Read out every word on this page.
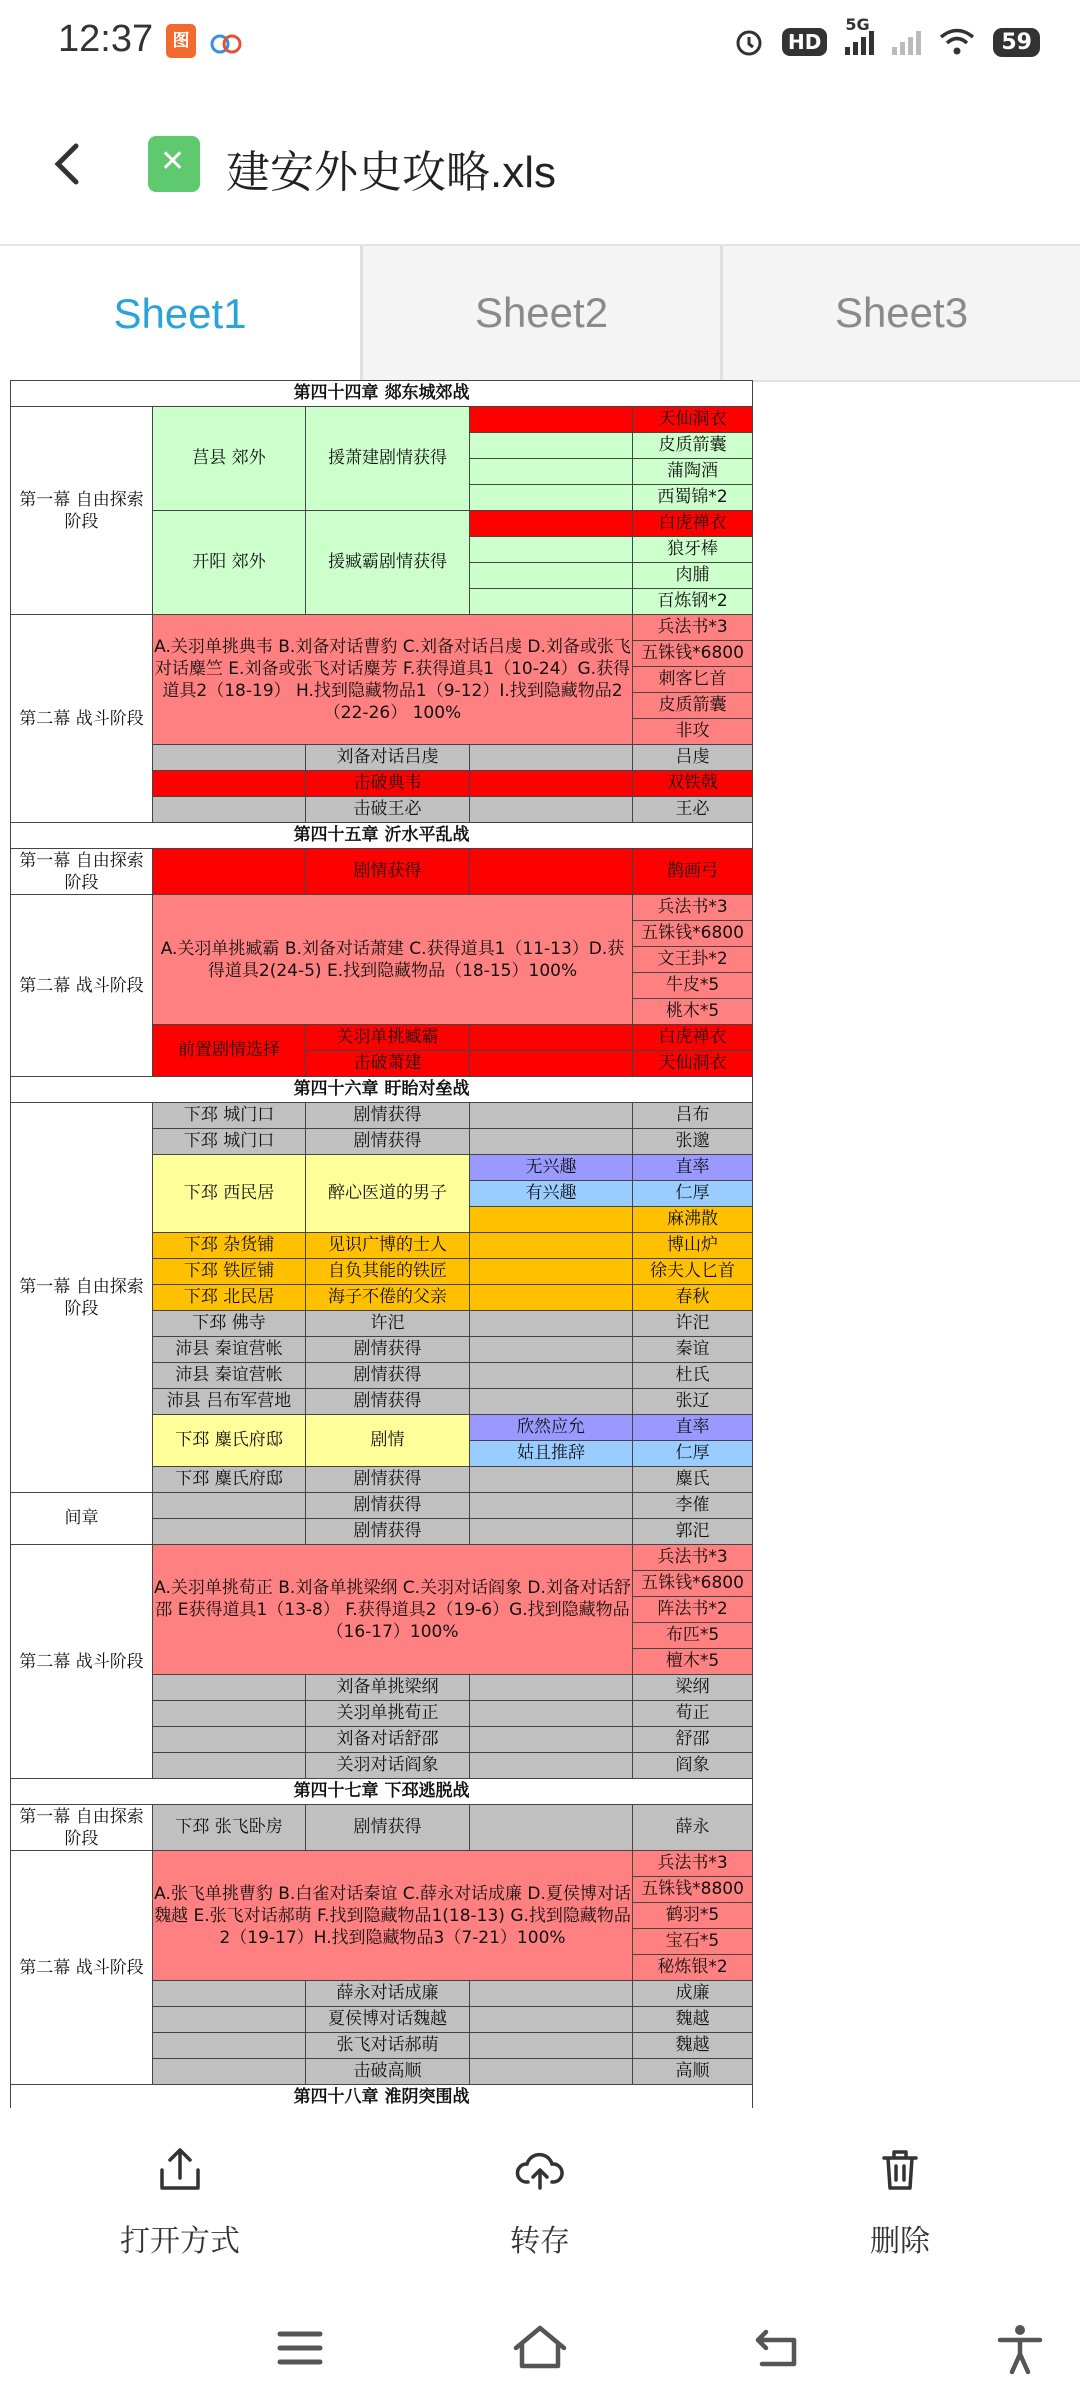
12:37	图	HD
5G
59
✕
建安外史攻略.xls
Sheet1	Sheet2	Sheet3
第四十四章 郯东城郊战				
第一幕 自由探索阶段	莒县 郊外	援萧建剧情获得		天仙洞衣
				皮质箭囊
				蒲陶酒
				西蜀锦*2
	开阳 郊外	援臧霸剧情获得		白虎禅衣
				狼牙棒
				肉脯
				百炼钢*2
第二幕 战斗阶段	A.关羽单挑典韦 B.刘备对话曹豹 C.刘备对话吕虔 D.刘备或张飞对话麋竺 E.刘备或张飞对话麋芳 F.获得道具1（10-24）G.获得道具2（18-19） H.找到隐藏物品1（9-12）I.找到隐藏物品2（22-26） 100%			兵法书*3
				五铢钱*6800
				刺客匕首
				皮质箭囊
				非攻
		刘备对话吕虔		吕虔
		击破典韦		双铁戟
		击破王必		王必
第四十五章 沂水平乱战				
第一幕 自由探索阶段		剧情获得		鹊画弓
第二幕 战斗阶段	A.关羽单挑臧霸 B.刘备对话萧建 C.获得道具1（11-13）D.获得道具2(24-5) E.找到隐藏物品（18-15）100%			兵法书*3
				五铢钱*6800
				文王卦*2
				牛皮*5
				桃木*5
	前置剧情选择	关羽单挑臧霸		白虎禅衣
		击破萧建		天仙洞衣
第四十六章 盱眙对垒战				
第一幕 自由探索阶段	下邳 城门口	剧情获得		吕布
	下邳 城门口	剧情获得		张邈
	下邳 西民居	醉心医道的男子	无兴趣	直率
			有兴趣	仁厚
				麻沸散
	下邳 杂货铺	见识广博的士人		博山炉
	下邳 铁匠铺	自负其能的铁匠		徐夫人匕首
	下邳 北民居	海子不倦的父亲		春秋
	下邳 佛寺	许汜		许汜
	沛县 秦谊营帐	剧情获得		秦谊
	沛县 秦谊营帐	剧情获得		杜氏
	沛县 吕布军营地	剧情获得		张辽
	下邳 麋氏府邸	剧情	欣然应允	直率
			姑且推辞	仁厚
	下邳 麋氏府邸	剧情获得		麋氏
间章		剧情获得		李傕
		剧情获得		郭汜
第二幕 战斗阶段	A.关羽单挑荀正 B.刘备单挑梁纲 C.关羽对话阎象 D.刘备对话舒邵 E获得道具1（13-8） F.获得道具2（19-6）G.找到隐藏物品（16-17）100%			兵法书*3
				五铢钱*6800
				阵法书*2
				布匹*5
				檀木*5
		刘备单挑梁纲		梁纲
		关羽单挑荀正		荀正
		刘备对话舒邵		舒邵
		关羽对话阎象		阎象
第四十七章 下邳逃脱战				
第一幕 自由探索阶段	下邳 张飞卧房	剧情获得		薛永
第二幕 战斗阶段	A.张飞单挑曹豹 B.白雀对话秦谊 C.薛永对话成廉 D.夏侯博对话魏越 E.张飞对话郝萌 F.找到隐藏物品1(18-13) G.找到隐藏物品2（19-17）H.找到隐藏物品3（7-21）100%			兵法书*3
				五铢钱*8800
				鹤羽*5
				宝石*5
				秘炼银*2
		薛永对话成廉		成廉
		夏侯博对话魏越		魏越
		张飞对话郝萌		魏越
		击破高顺		高顺
第四十八章 淮阴突围战				

打开方式	转存	删除
